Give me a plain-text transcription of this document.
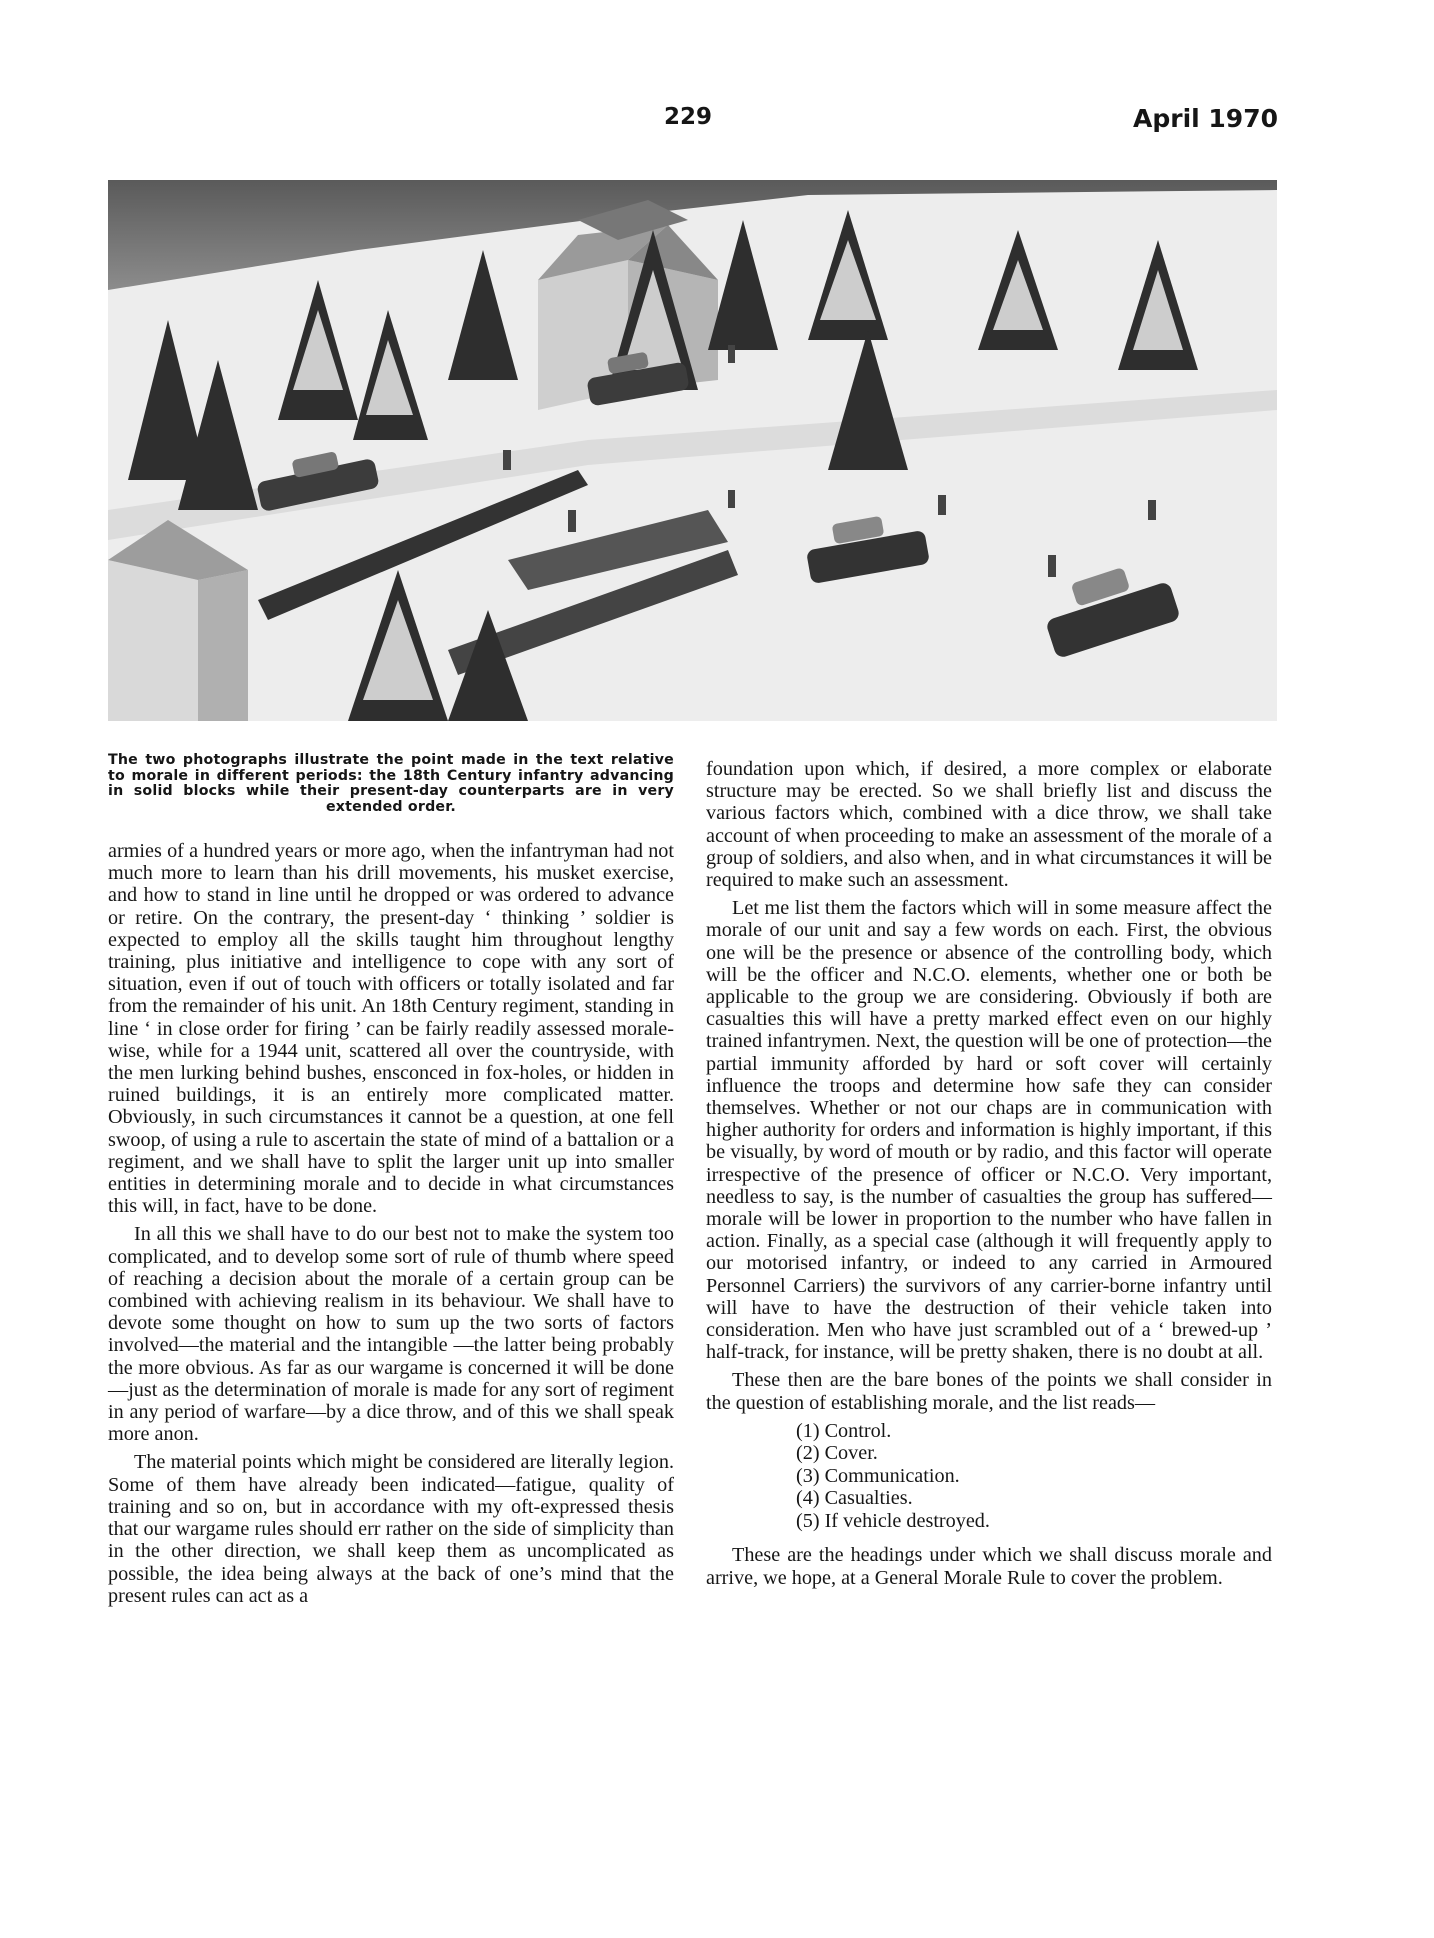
229	April 1970
The two photographs illustrate the point made in the text relative to morale in different periods: the 18th Century infantry advancing in solid blocks while their present-day counterparts are in very extended order.

armies of a hundred years or more ago, when the infantryman had not much more to learn than his drill movements, his musket exercise, and how to stand in line until he dropped or was ordered to advance or retire. On the contrary, the present-day ‘ thinking ’ soldier is expected to employ all the skills taught him throughout lengthy training, plus initiative and intelligence to cope with any sort of situation, even if out of touch with officers or totally isolated and far from the remainder of his unit. An 18th Century regiment, standing in line ‘ in close order for firing ’ can be fairly readily assessed morale-wise, while for a 1944 unit, scattered all over the countryside, with the men lurking behind bushes, ensconced in fox-holes, or hidden in ruined buildings, it is an entirely more complicated matter. Obviously, in such circumstances it cannot be a question, at one fell swoop, of using a rule to ascertain the state of mind of a battalion or a regiment, and we shall have to split the larger unit up into smaller entities in determining morale and to decide in what circumstances this will, in fact, have to be done.

In all this we shall have to do our best not to make the system too complicated, and to develop some sort of rule of thumb where speed of reaching a decision about the morale of a certain group can be combined with achieving realism in its behaviour. We shall have to devote some thought on how to sum up the two sorts of factors involved—the material and the intangible —the latter being probably the more obvious. As far as our wargame is concerned it will be done—just as the determination of morale is made for any sort of regiment in any period of warfare—by a dice throw, and of this we shall speak more anon.

The material points which might be considered are literally legion. Some of them have already been indicated—fatigue, quality of training and so on, but in accordance with my oft-expressed thesis that our wargame rules should err rather on the side of simplicity than in the other direction, we shall keep them as uncomplicated as possible, the idea being always at the back of one’s mind that the present rules can act as a

foundation upon which, if desired, a more complex or elaborate structure may be erected. So we shall briefly list and discuss the various factors which, combined with a dice throw, we shall take account of when proceeding to make an assessment of the morale of a group of soldiers, and also when, and in what circumstances it will be required to make such an assessment.

Let me list them the factors which will in some measure affect the morale of our unit and say a few words on each. First, the obvious one will be the presence or absence of the controlling body, which will be the officer and N.C.O. elements, whether one or both be applicable to the group we are considering. Obviously if both are casualties this will have a pretty marked effect even on our highly trained infantrymen. Next, the question will be one of protection—the partial immunity afforded by hard or soft cover will certainly influence the troops and determine how safe they can consider themselves. Whether or not our chaps are in communication with higher authority for orders and information is highly important, if this be visually, by word of mouth or by radio, and this factor will operate irrespective of the presence of officer or N.C.O. Very important, needless to say, is the number of casualties the group has suffered—morale will be lower in proportion to the number who have fallen in action. Finally, as a special case (although it will frequently apply to our motorised infantry, or indeed to any carried in Armoured Personnel Carriers) the survivors of any carrier-borne infantry until will have to have the destruction of their vehicle taken into consideration. Men who have just scrambled out of a ‘ brewed-up ’ half-track, for instance, will be pretty shaken, there is no doubt at all.

These then are the bare bones of the points we shall consider in the question of establishing morale, and the list reads—

(1) Control.
(2) Cover.
(3) Communication.
(4) Casualties.
(5) If vehicle destroyed.

These are the headings under which we shall discuss morale and arrive, we hope, at a General Morale Rule to cover the problem.
